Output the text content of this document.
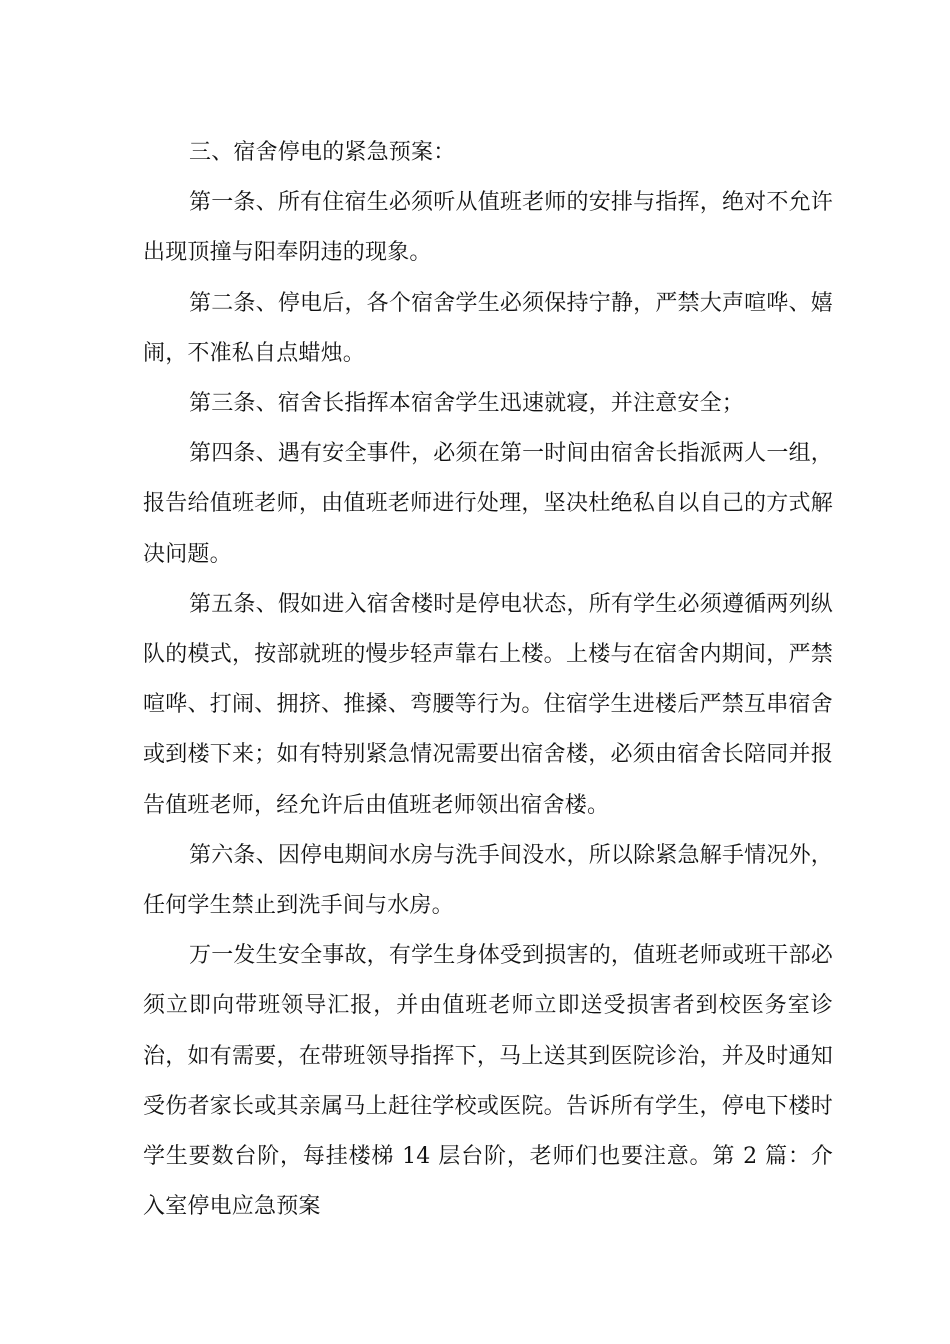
三、宿舍停电的紧急预案：

第一条、所有住宿生必须听从值班老师的安排与指挥，绝对不允许出现顶撞与阳奉阴违的现象。

第二条、停电后，各个宿舍学生必须保持宁静，严禁大声喧哗、嬉闹，不准私自点蜡烛。

第三条、宿舍长指挥本宿舍学生迅速就寝，并注意安全；

第四条、遇有安全事件，必须在第一时间由宿舍长指派两人一组，报告给值班老师，由值班老师进行处理，坚决杜绝私自以自己的方式解决问题。

第五条、假如进入宿舍楼时是停电状态，所有学生必须遵循两列纵队的模式，按部就班的慢步轻声靠右上楼。上楼与在宿舍内期间，严禁喧哗、打闹、拥挤、推搡、弯腰等行为。住宿学生进楼后严禁互串宿舍或到楼下来；如有特别紧急情况需要出宿舍楼，必须由宿舍长陪同并报告值班老师，经允许后由值班老师领出宿舍楼。

第六条、因停电期间水房与洗手间没水，所以除紧急解手情况外，任何学生禁止到洗手间与水房。

万一发生安全事故，有学生身体受到损害的，值班老师或班干部必须立即向带班领导汇报，并由值班老师立即送受损害者到校医务室诊治，如有需要，在带班领导指挥下，马上送其到医院诊治，并及时通知受伤者家长或其亲属马上赶往学校或医院。告诉所有学生，停电下楼时学生要数台阶，每挂楼梯 14 层台阶，老师们也要注意。第 2 篇：介入室停电应急预案
